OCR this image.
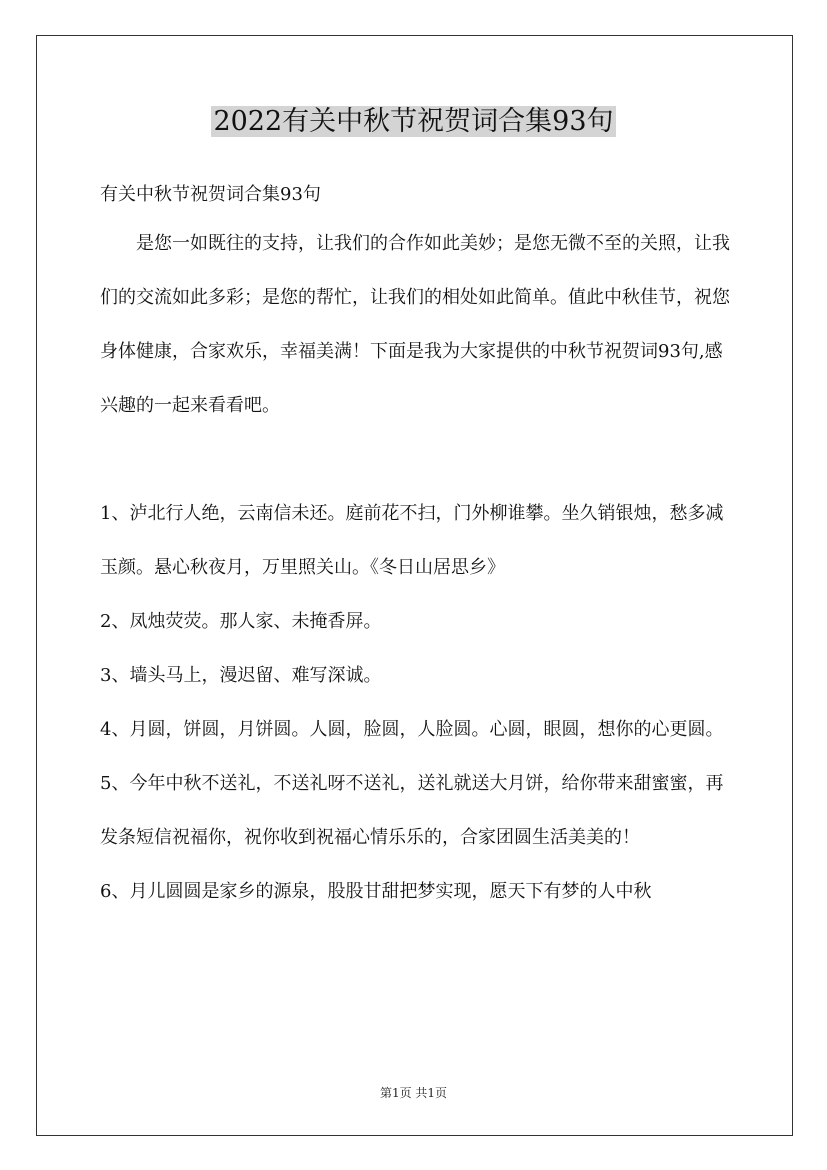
2022有关中秋节祝贺词合集93句

有关中秋节祝贺词合集93句

是您一如既往的支持，让我们的合作如此美妙；是您无微不至的关照，让我们的交流如此多彩；是您的帮忙，让我们的相处如此简单。值此中秋佳节，祝您身体健康，合家欢乐，幸福美满！下面是我为大家提供的中秋节祝贺词93句,感兴趣的一起来看看吧。

1、泸北行人绝，云南信未还。庭前花不扫，门外柳谁攀。坐久销银烛，愁多减玉颜。悬心秋夜月，万里照关山。《冬日山居思乡》

2、凤烛荧荧。那人家、未掩香屏。

3、墙头马上，漫迟留、难写深诚。

4、月圆，饼圆，月饼圆。人圆，脸圆，人脸圆。心圆，眼圆，想你的心更圆。

5、今年中秋不送礼，不送礼呀不送礼，送礼就送大月饼，给你带来甜蜜蜜，再发条短信祝福你，祝你收到祝福心情乐乐的，合家团圆生活美美的！

6、月儿圆圆是家乡的源泉，股股甘甜把梦实现，愿天下有梦的人中秋

第1页 共1页
